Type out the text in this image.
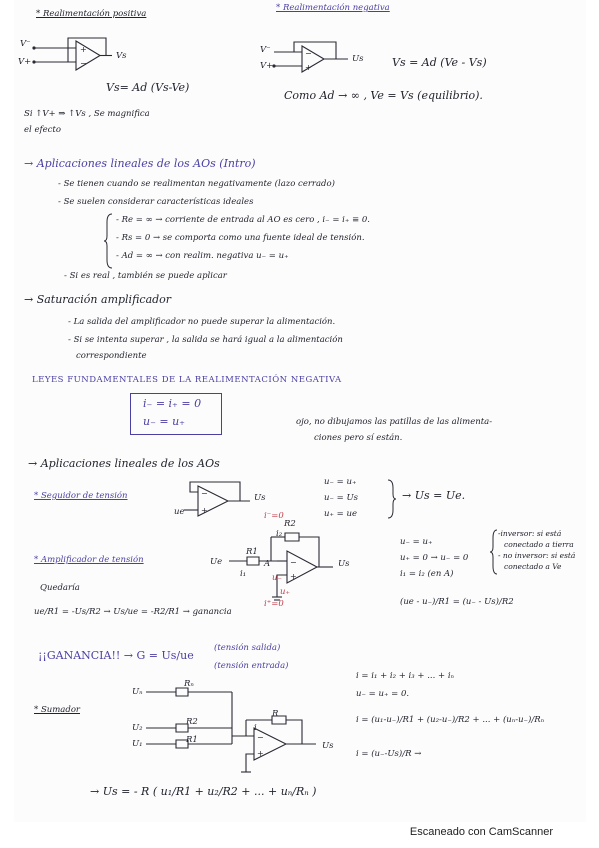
* Realimentación positiva
+
−
V⁻
V+
Vs
Vs= Ad (Vs-Ve)
Si ↑V+ ⇒ ↑Vs , Se magnifica
el efecto
* Realimentación negativa
−
+
V⁻
V+
Us	Vs = Ad (Ve - Vs)
Como Ad → ∞ , Ve = Vs (equilibrio).
→ Aplicaciones lineales de los AOs (Intro)
- Se tienen cuando se realimentan negativamente (lazo cerrado)
- Se suelen considerar características ideales
- Re = ∞ → corriente de entrada al AO es cero , i₋ = i₊ ≡ 0.
- Rs = 0 → se comporta como una fuente ideal de tensión.
- Ad = ∞ → con realim. negativa u₋ = u₊
- Si es real , también se puede aplicar
→ Saturación amplificador
- La salida del amplificador no puede superar la alimentación.
- Si se intenta superar , la salida se hará igual a la alimentación
correspondiente
LEYES FUNDAMENTALES DE LA REALIMENTACIÓN NEGATIVA
i₋ = i₊ = 0
u₋ = u₊	ojo, no dibujamos las patillas de las alimenta-
ciones pero sí están.
→ Aplicaciones lineales de los AOs
* Seguidor de tensión	−
+
ue
Us
u₋ = u₊
u₋ = Us
u₊ = ue
→ Us = Ue.
* Amplificador de tensión	−
+
Ue	Us
R1
R2
i₁
i₂
A
i⁻=0
i⁺=0
u₋
u₊
Quedaría
ue/R1 = -Us/R2 → Us/ue = -R2/R1 → ganancia
u₋ = u₊
u₊ = 0 → u₋ = 0
i₁ = i₂ (en A)
(ue - u₋)/R1 = (u₋ - Us)/R2
-inversor: si está
conectado a tierra
- no inversor: si está
conectado a Ve
¡¡GANANCIA!! → G = Us/ue
(tensión salida)
(tensión entrada)
* Sumador
−
+
Uₙ
U₂
U₁
R2
R1
Rₙ
R
i
Us
i = i₁ + i₂ + i₃ + ... + iₙ
u₋ = u₊ = 0.
i = (u₁-u₋)/R1 + (u₂-u₋)/R2 + ... + (uₙ-u₋)/Rₙ
i = (u₋-Us)/R →
→ Us = - R ( u₁/R1 + u₂/R2 + ... + uₙ/Rₙ )
Escaneado con CamScanner
